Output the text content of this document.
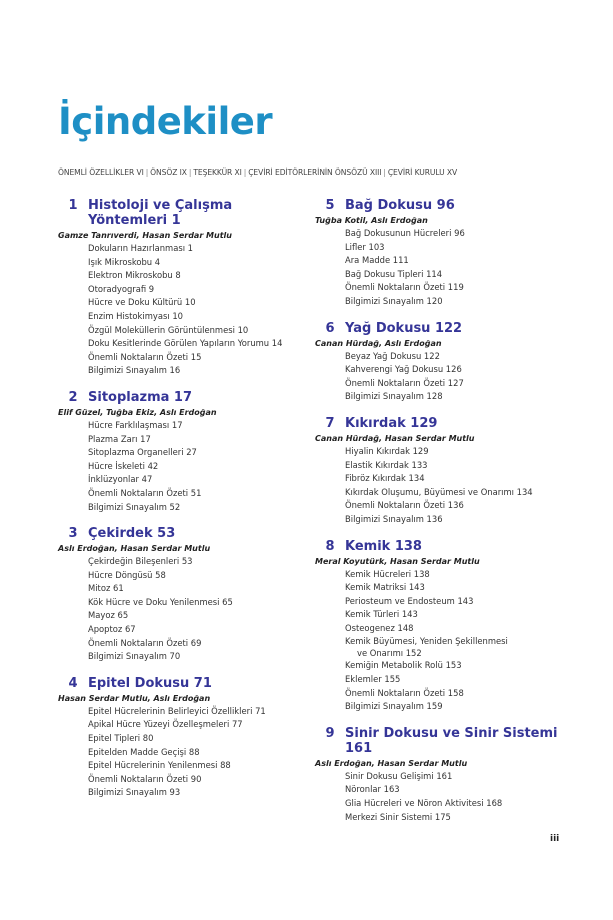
İçindekiler
ÖNEMLİ ÖZELLİKLER VI | ÖNSÖZ IX | TEŞEKKÜR XI | ÇEVİRİ EDİTÖRLERİNİN ÖNSÖZÜ XIII | ÇEVİRİ KURULU XV
1 Histoloji ve Çalışma Yöntemleri 1
Gamze Tanrıverdi, Hasan Serdar Mutlu
Dokuların Hazırlanması 1
Işık Mikroskobu 4
Elektron Mikroskobu 8
Otoradyografi 9
Hücre ve Doku Kültürü 10
Enzim Histokimyası 10
Özgül Moleküllerin Görüntülenmesi 10
Doku Kesitlerinde Görülen Yapıların Yorumu 14
Önemli Noktaların Özeti 15
Bilgimizi Sınayalım 16
2 Sitoplazma 17
Elif Güzel, Tuğba Ekiz, Aslı Erdoğan
Hücre Farklılaşması 17
Plazma Zarı 17
Sitoplazma Organelleri 27
Hücre İskeleti 42
İnklüzyonlar 47
Önemli Noktaların Özeti 51
Bilgimizi Sınayalım 52
3 Çekirdek 53
Aslı Erdoğan, Hasan Serdar Mutlu
Çekirdeğin Bileşenleri 53
Hücre Döngüsü 58
Mitoz 61
Kök Hücre ve Doku Yenilenmesi 65
Mayoz 65
Apoptoz 67
Önemli Noktaların Özeti 69
Bilgimizi Sınayalım 70
4 Epitel Dokusu 71
Hasan Serdar Mutlu, Aslı Erdoğan
Epitel Hücrelerinin Belirleyici Özellikleri 71
Apikal Hücre Yüzeyi Özelleşmeleri 77
Epitel Tipleri 80
Epitelden Madde Geçişi 88
Epitel Hücrelerinin Yenilenmesi 88
Önemli Noktaların Özeti 90
Bilgimizi Sınayalım 93
5 Bağ Dokusu 96
Tuğba Kotil, Aslı Erdoğan
Bağ Dokusunun Hücreleri 96
Lifler 103
Ara Madde 111
Bağ Dokusu Tipleri 114
Önemli Noktaların Özeti 119
Bilgimizi Sınayalım 120
6 Yağ Dokusu 122
Canan Hürdağ, Aslı Erdoğan
Beyaz Yağ Dokusu 122
Kahverengi Yağ Dokusu 126
Önemli Noktaların Özeti 127
Bilgimizi Sınayalım 128
7 Kıkırdak 129
Canan Hürdağ, Hasan Serdar Mutlu
Hiyalin Kıkırdak 129
Elastik Kıkırdak 133
Fibröz Kıkırdak 134
Kıkırdak Oluşumu, Büyümesi ve Onarımı 134
Önemli Noktaların Özeti 136
Bilgimizi Sınayalım 136
8 Kemik 138
Meral Koyutürk, Hasan Serdar Mutlu
Kemik Hücreleri 138
Kemik Matriksi 143
Periosteum ve Endosteum 143
Kemik Türleri 143
Osteogenez 148
Kemik Büyümesi, Yeniden Şekillenmesi
ve Onarımı 152
Kemiğin Metabolik Rolü 153
Eklemler 155
Önemli Noktaların Özeti 158
Bilgimizi Sınayalım 159
9 Sinir Dokusu ve Sinir Sistemi 161
Aslı Erdoğan, Hasan Serdar Mutlu
Sinir Dokusu Gelişimi 161
Nöronlar 163
Glia Hücreleri ve Nöron Aktivitesi 168
Merkezi Sinir Sistemi 175
iii
